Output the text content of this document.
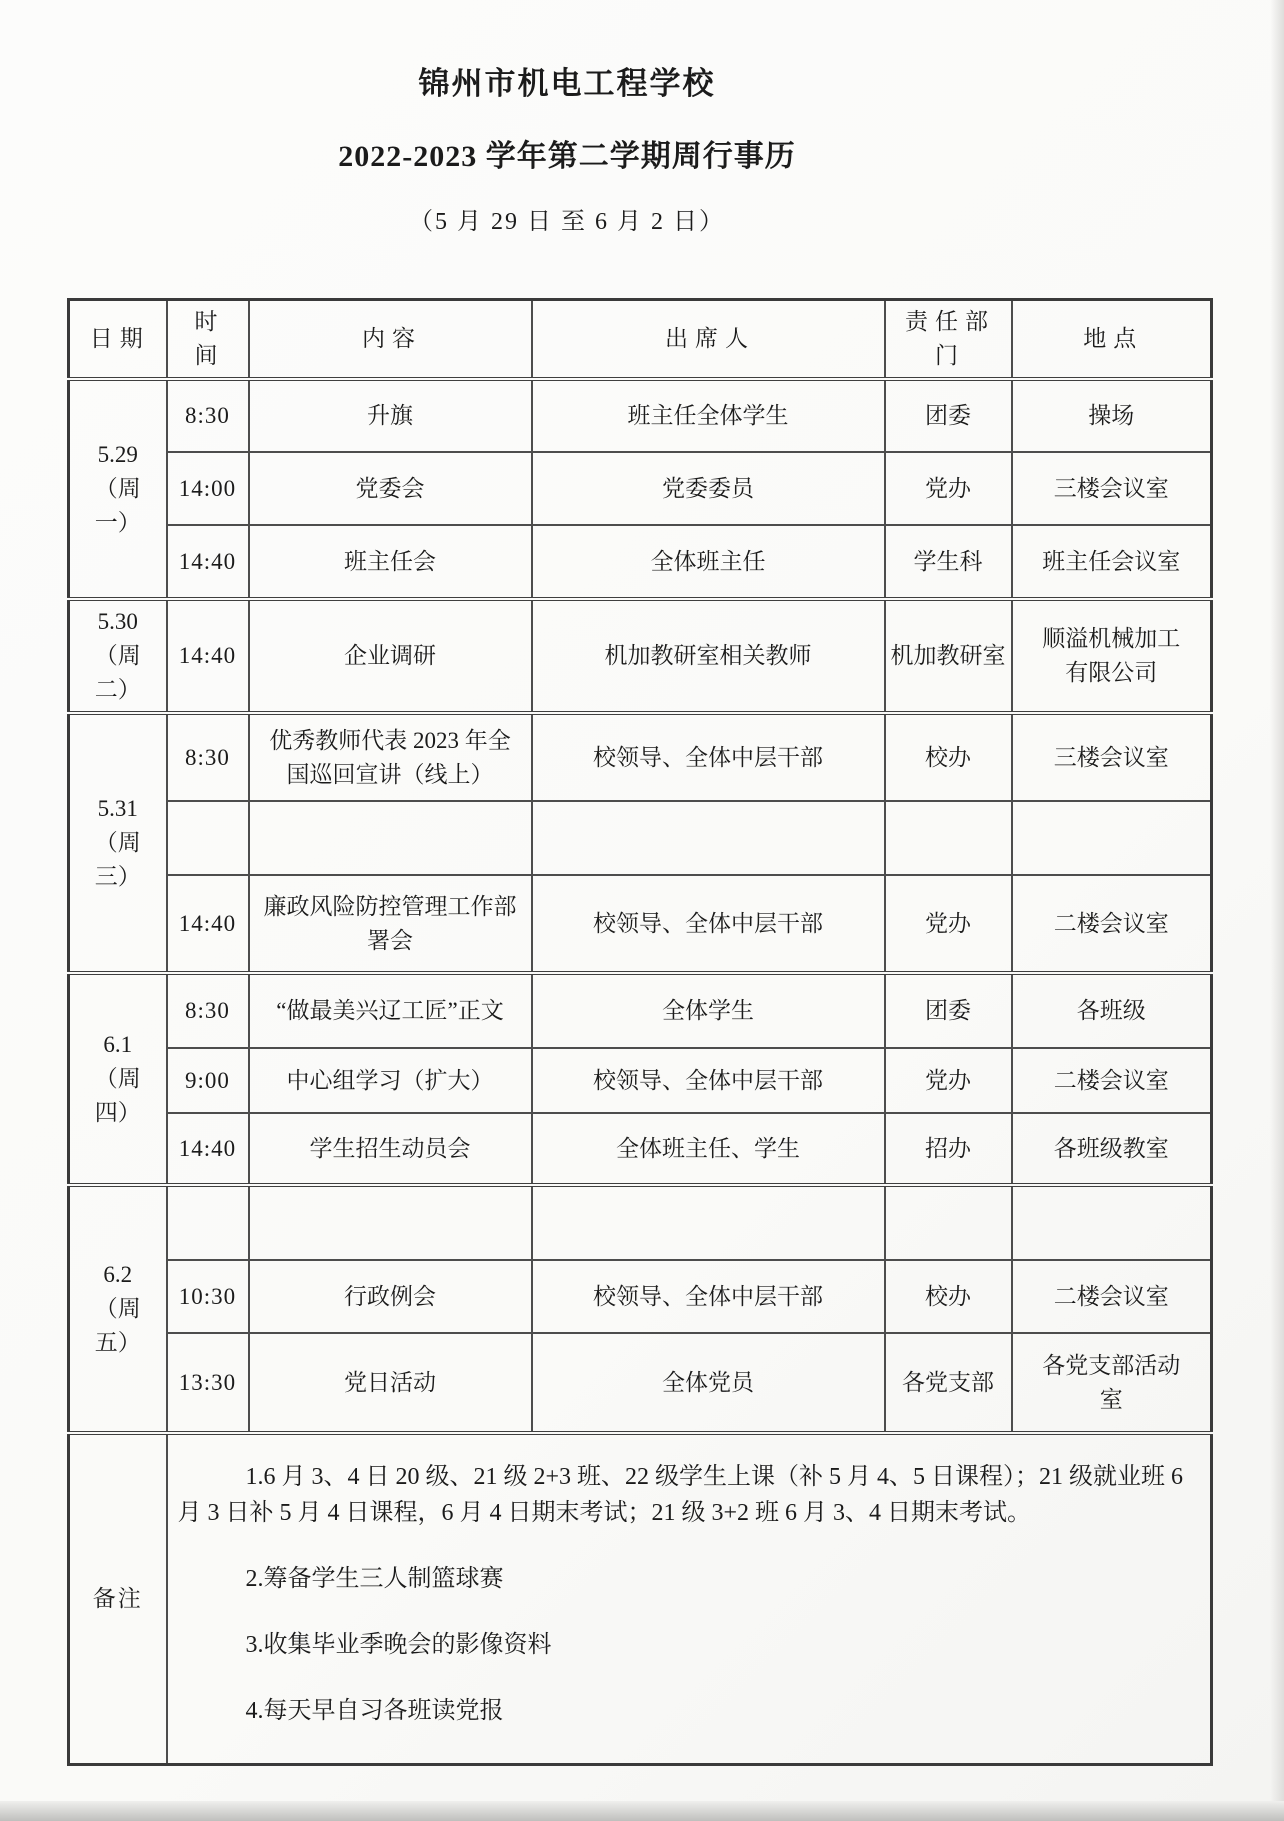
锦州市机电工程学校
2022-2023 学年第二学期周行事历
（5 月 29 日 至 6 月 2 日）
日期	时间	内容	出席人	责任部门	地点

5.29
（周一）	8:30	升旗	班主任全体学生	团委	操场
	14:00	党委会	党委委员	党办	三楼会议室
	14:40	班主任会	全体班主任	学生科	班主任会议室

5.30
（周二）	14:40	企业调研	机加教研室相关教师	机加教研室	顺溢机械加工有限公司

5.31
（周三）	8:30	优秀教师代表 2023 年全国巡回宣讲（线上）	校领导、全体中层干部	校办	三楼会议室

	14:40	廉政风险防控管理工作部署会	校领导、全体中层干部	党办	二楼会议室

6.1
（周四）	8:30	“做最美兴辽工匠”正文	全体学生	团委	各班级
	9:00	中心组学习（扩大）	校领导、全体中层干部	党办	二楼会议室
	14:40	学生招生动员会	全体班主任、学生	招办	各班级教室

6.2
（周五）					

	10:30	行政例会	校领导、全体中层干部	校办	二楼会议室
	13:30	党日活动	全体党员	各党支部	各党支部活动室
备注	1.6 月 3、4 日 20 级、21 级 2+3 班、22 级学生上课（补 5 月 4、5 日课程）；21 级就业班 6 月 3 日补 5 月 4 日课程，6 月 4 日期末考试；21 级 3+2 班 6 月 3、4 日期末考试。

2.筹备学生三人制篮球赛

3.收集毕业季晚会的影像资料

4.每天早自习各班读党报				
